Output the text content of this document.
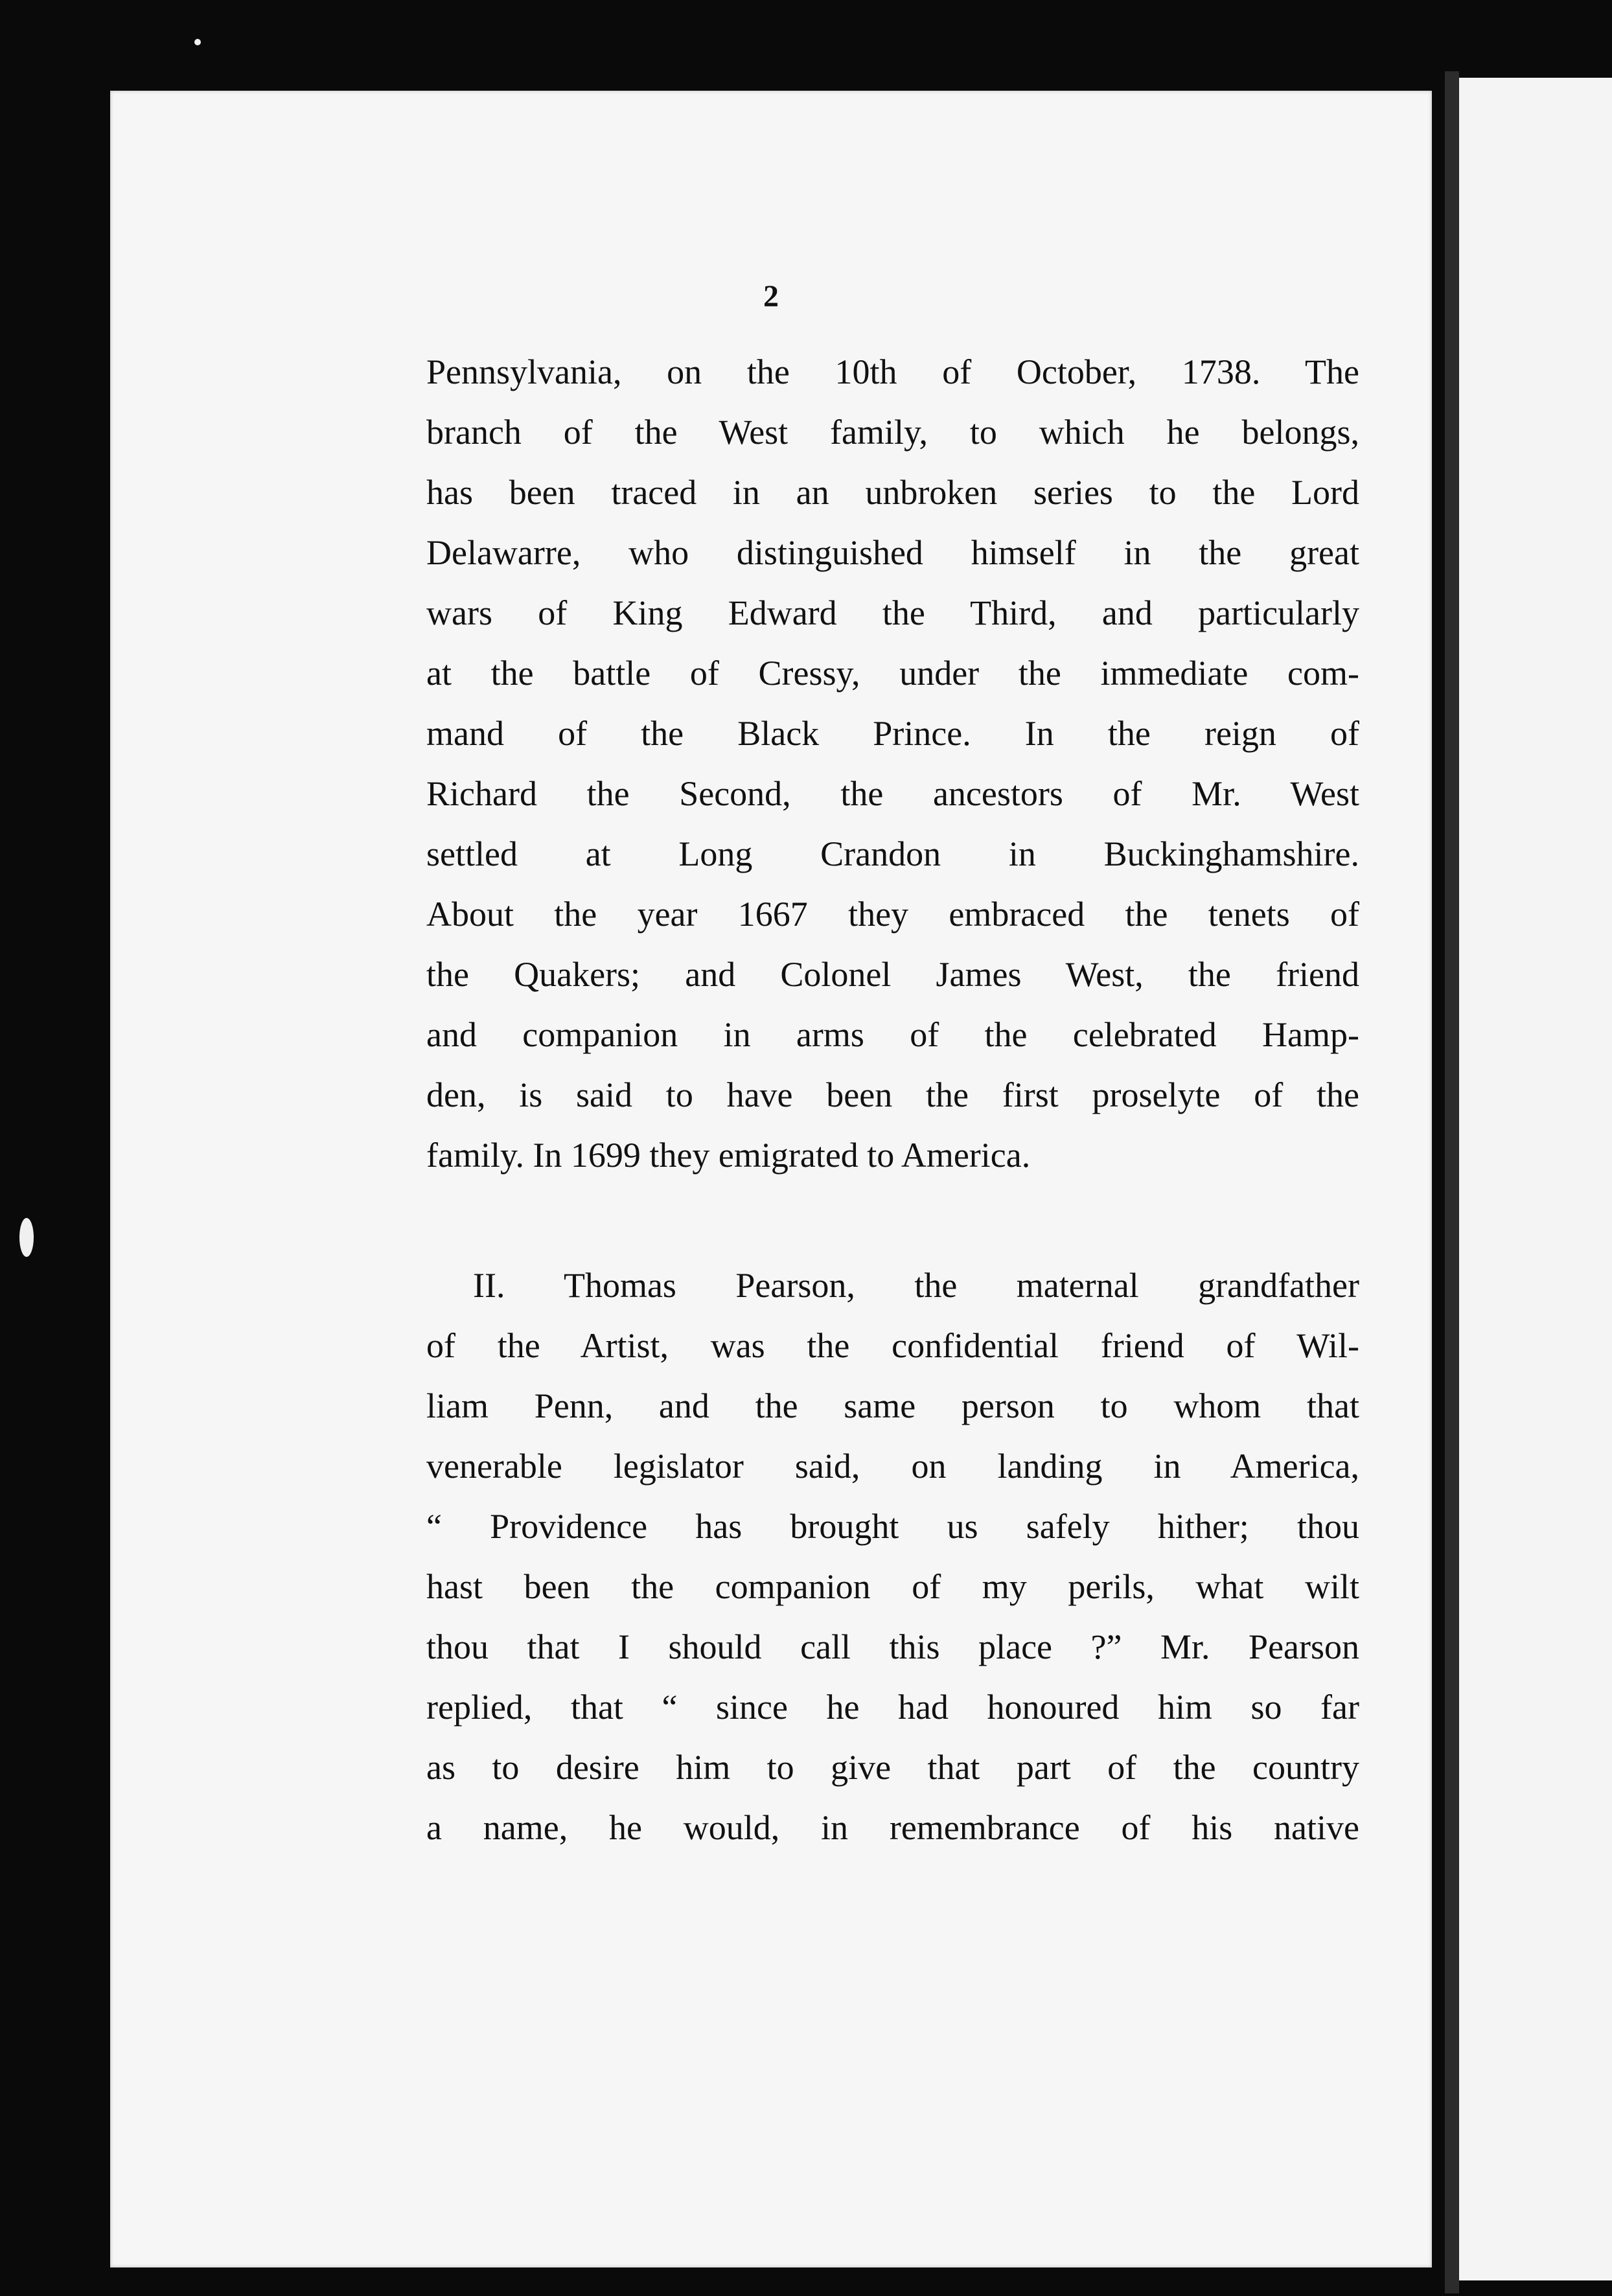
2
Pennsylvania, on the 10th of October, 1738. The
branch of the West family, to which he belongs,
has been traced in an unbroken series to the Lord
Delawarre, who distinguished himself in the great
wars of King Edward the Third, and particularly
at the battle of Cressy, under the immediate com-
mand of the Black Prince. In the reign of
Richard the Second, the ancestors of Mr. West
settled at Long Crandon in Buckinghamshire.
About the year 1667 they embraced the tenets of
the Quakers; and Colonel James West, the friend
and companion in arms of the celebrated Hamp-
den, is said to have been the first proselyte of the
family. In 1699 they emigrated to America.
II. Thomas Pearson, the maternal grandfather
of the Artist, was the confidential friend of Wil-
liam Penn, and the same person to whom that
venerable legislator said, on landing in America,
“ Providence has brought us safely hither; thou
hast been the companion of my perils, what wilt
thou that I should call this place ?” Mr. Pearson
replied, that “ since he had honoured him so far
as to desire him to give that part of the country
a name, he would, in remembrance of his native
